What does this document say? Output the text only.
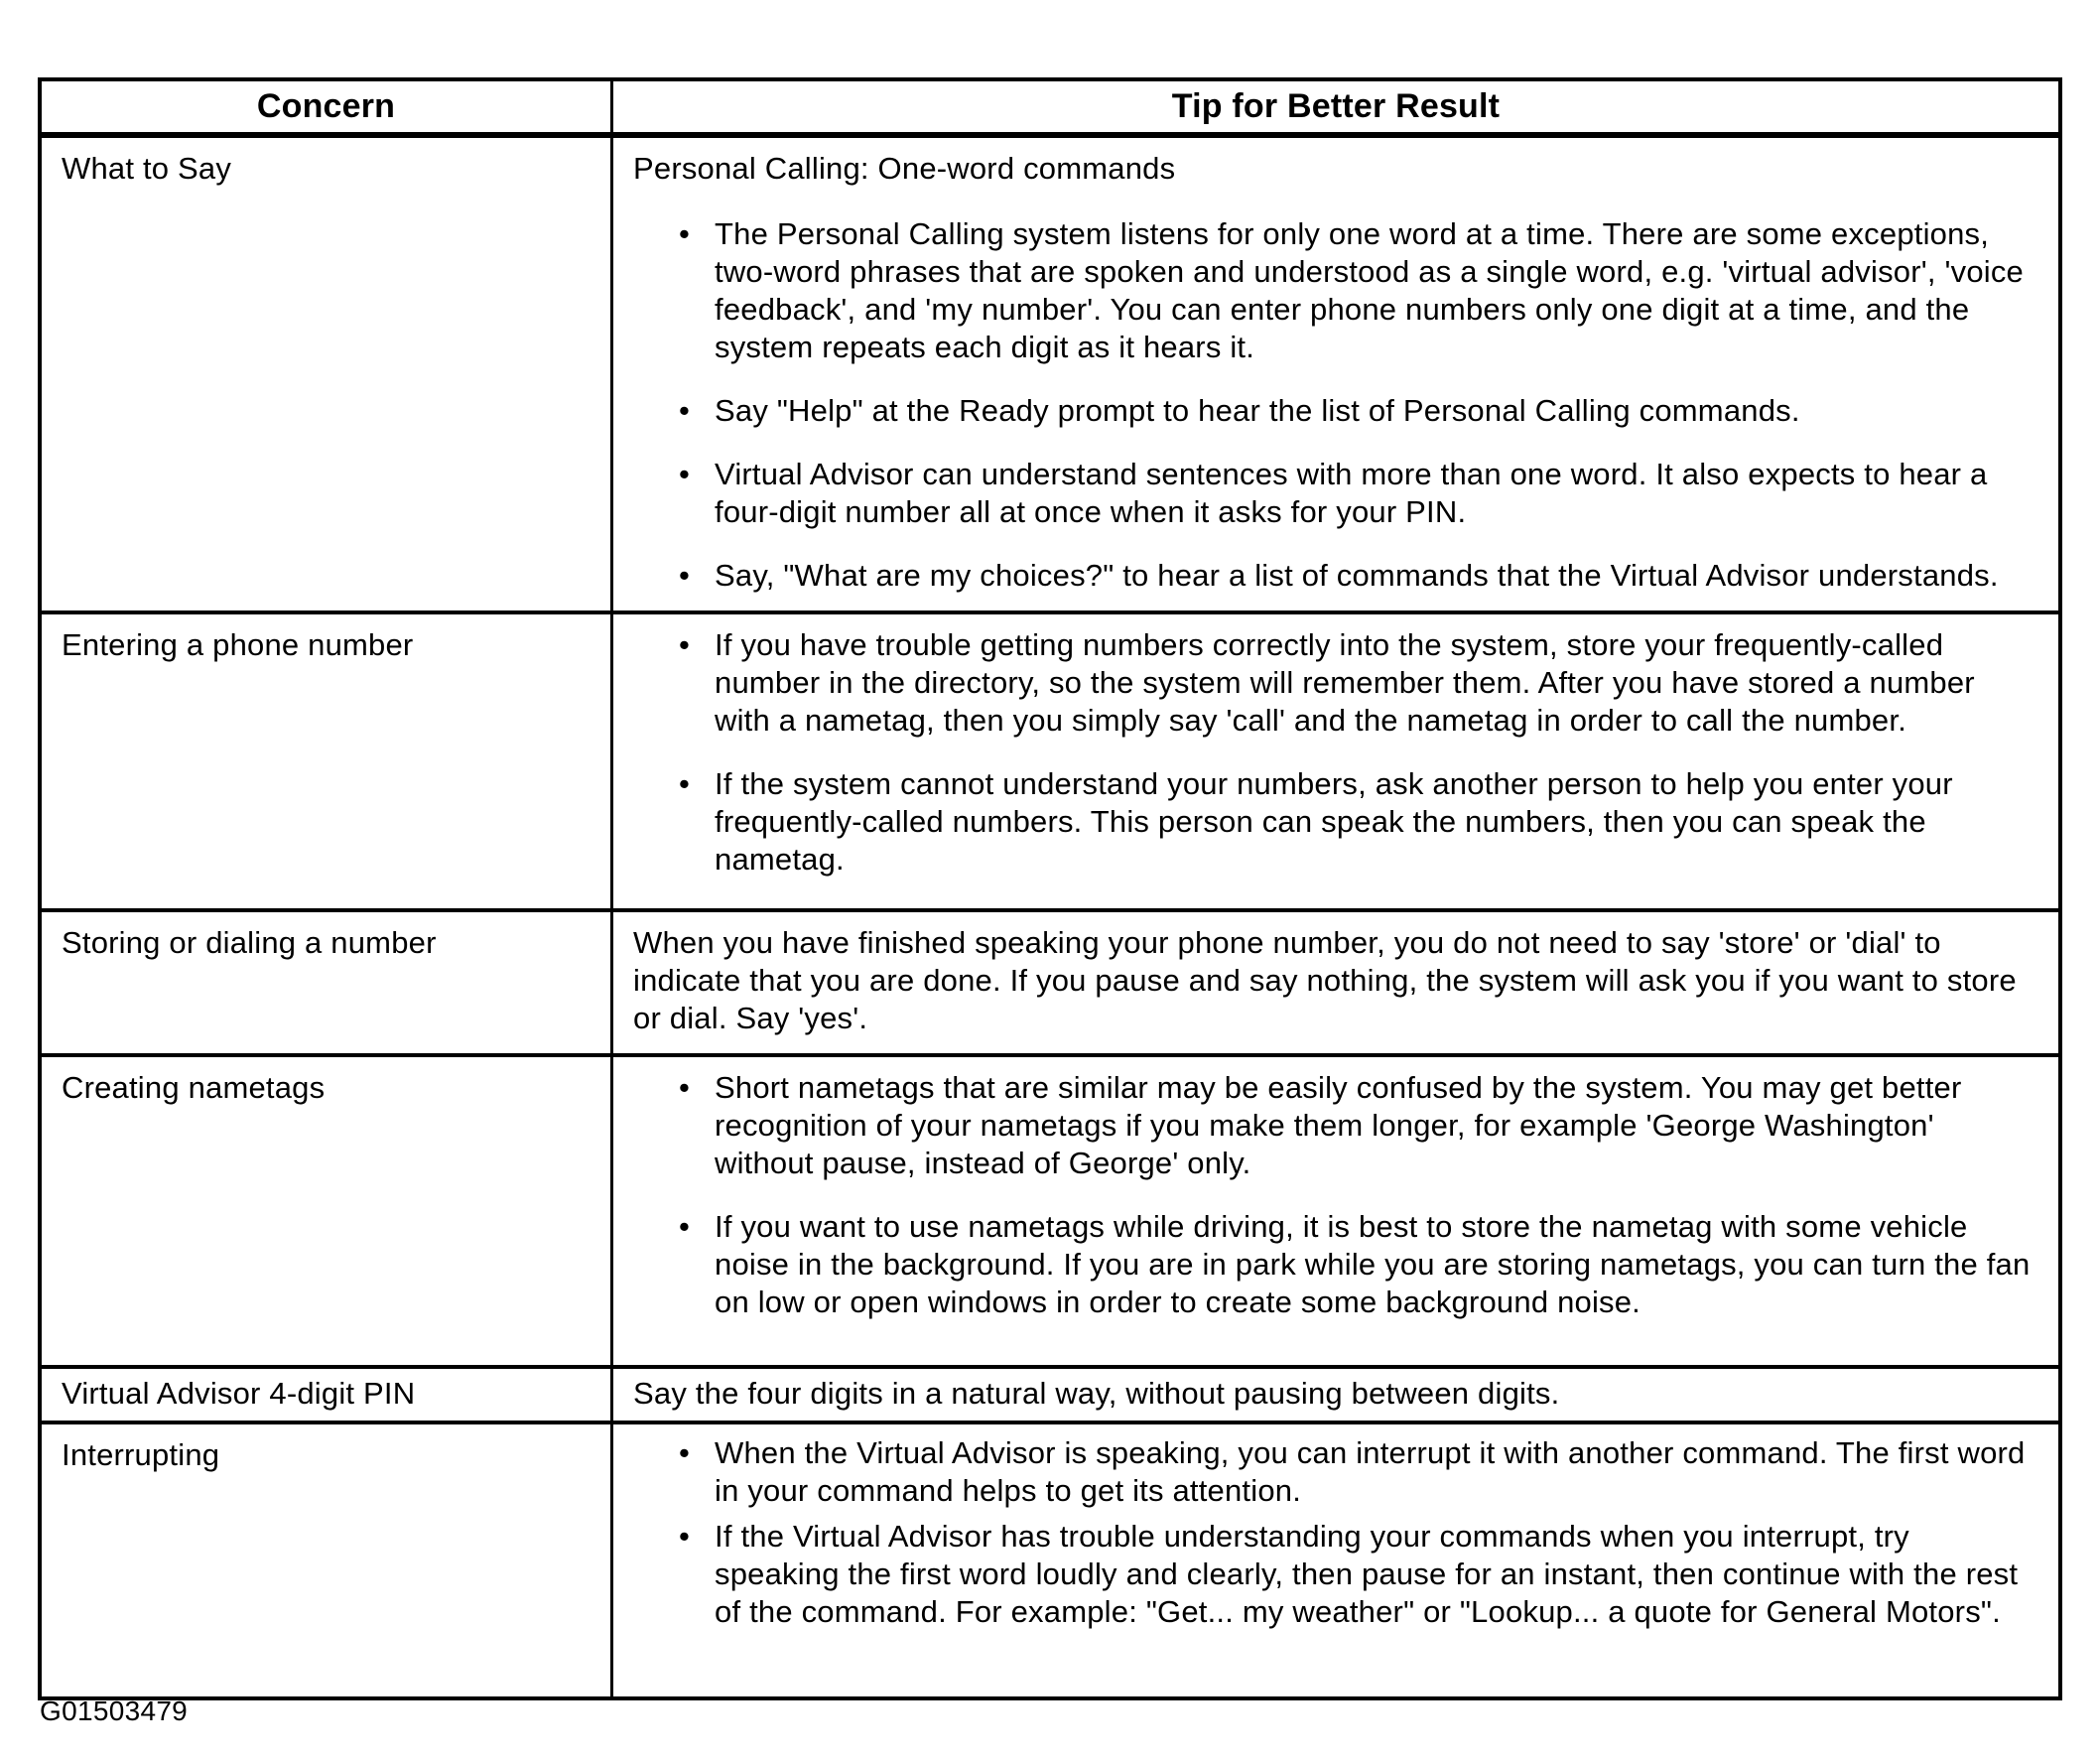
Concern	Tip for Better Result
What to Say	Personal Calling: One-word commands
•
The Personal Calling system listens for only one word at a time. There are some exceptions, two-word phrases that are spoken and understood as a single word, e.g. 'virtual advisor', 'voice feedback', and 'my number'. You can enter phone numbers only one digit at a time, and the system repeats each digit as it hears it.
•
Say "Help" at the Ready prompt to hear the list of Personal Calling commands.
•
Virtual Advisor can understand sentences with more than one word. It also expects to hear a four-digit number all at once when it asks for your PIN.
•
Say, "What are my choices?" to hear a list of commands that the Virtual Advisor understands.
Entering a phone number •	If you have trouble getting numbers correctly into the system, store your frequently-called number in the directory, so the system will remember them. After you have stored a number with a nametag, then you simply say 'call' and the nametag in order to call the number.
•
If the system cannot understand your numbers, ask another person to help you enter your frequently-called numbers. This person can speak the numbers, then you can speak the nametag.
Storing or dialing a number	When you have finished speaking your phone number, you do not need to say 'store' or 'dial' to indicate that you are done. If you pause and say nothing, the system will ask you if you want to store or dial. Say 'yes'.
Creating nametags •	Short nametags that are similar may be easily confused by the system. You may get better recognition of your nametags if you make them longer, for example 'George Washington' without pause, instead of George' only.
•
If you want to use nametags while driving, it is best to store the nametag with some vehicle noise in the background. If you are in park while you are storing nametags, you can turn the fan on low or open windows in order to create some background noise.
Virtual Advisor 4-digit PIN	Say the four digits in a natural way, without pausing between digits.
Interrupting •	When the Virtual Advisor is speaking, you can interrupt it with another command. The first word in your command helps to get its attention.
•
If the Virtual Advisor has trouble understanding your commands when you interrupt, try speaking the first word loudly and clearly, then pause for an instant, then continue with the rest of the command. For example: "Get... my weather" or "Lookup... a quote for General Motors".
G01503479
